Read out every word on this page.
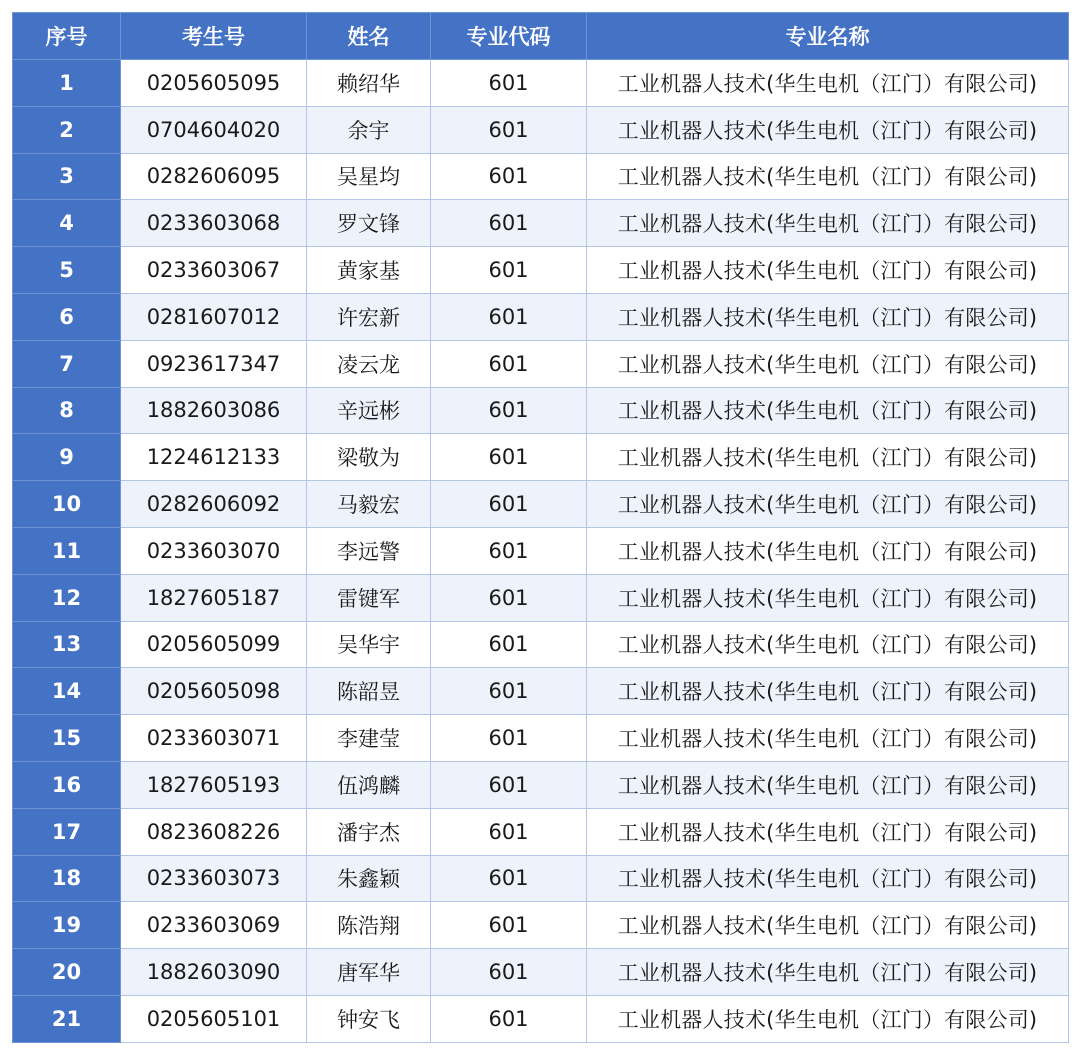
序号	考生号	姓名	专业代码	专业名称
1	0205605095	赖绍华	601	工业机器人技术(华生电机（江门）有限公司)
2	0704604020	余宇	601	工业机器人技术(华生电机（江门）有限公司)
3	0282606095	吴星均	601	工业机器人技术(华生电机（江门）有限公司)
4	0233603068	罗文锋	601	工业机器人技术(华生电机（江门）有限公司)
5	0233603067	黄家基	601	工业机器人技术(华生电机（江门）有限公司)
6	0281607012	许宏新	601	工业机器人技术(华生电机（江门）有限公司)
7	0923617347	凌云龙	601	工业机器人技术(华生电机（江门）有限公司)
8	1882603086	辛远彬	601	工业机器人技术(华生电机（江门）有限公司)
9	1224612133	梁敬为	601	工业机器人技术(华生电机（江门）有限公司)
10	0282606092	马毅宏	601	工业机器人技术(华生电机（江门）有限公司)
11	0233603070	李远警	601	工业机器人技术(华生电机（江门）有限公司)
12	1827605187	雷键军	601	工业机器人技术(华生电机（江门）有限公司)
13	0205605099	吴华宇	601	工业机器人技术(华生电机（江门）有限公司)
14	0205605098	陈韶昱	601	工业机器人技术(华生电机（江门）有限公司)
15	0233603071	李建莹	601	工业机器人技术(华生电机（江门）有限公司)
16	1827605193	伍鸿麟	601	工业机器人技术(华生电机（江门）有限公司)
17	0823608226	潘宇杰	601	工业机器人技术(华生电机（江门）有限公司)
18	0233603073	朱鑫颖	601	工业机器人技术(华生电机（江门）有限公司)
19	0233603069	陈浩翔	601	工业机器人技术(华生电机（江门）有限公司)
20	1882603090	唐军华	601	工业机器人技术(华生电机（江门）有限公司)
21	0205605101	钟安飞	601	工业机器人技术(华生电机（江门）有限公司)
